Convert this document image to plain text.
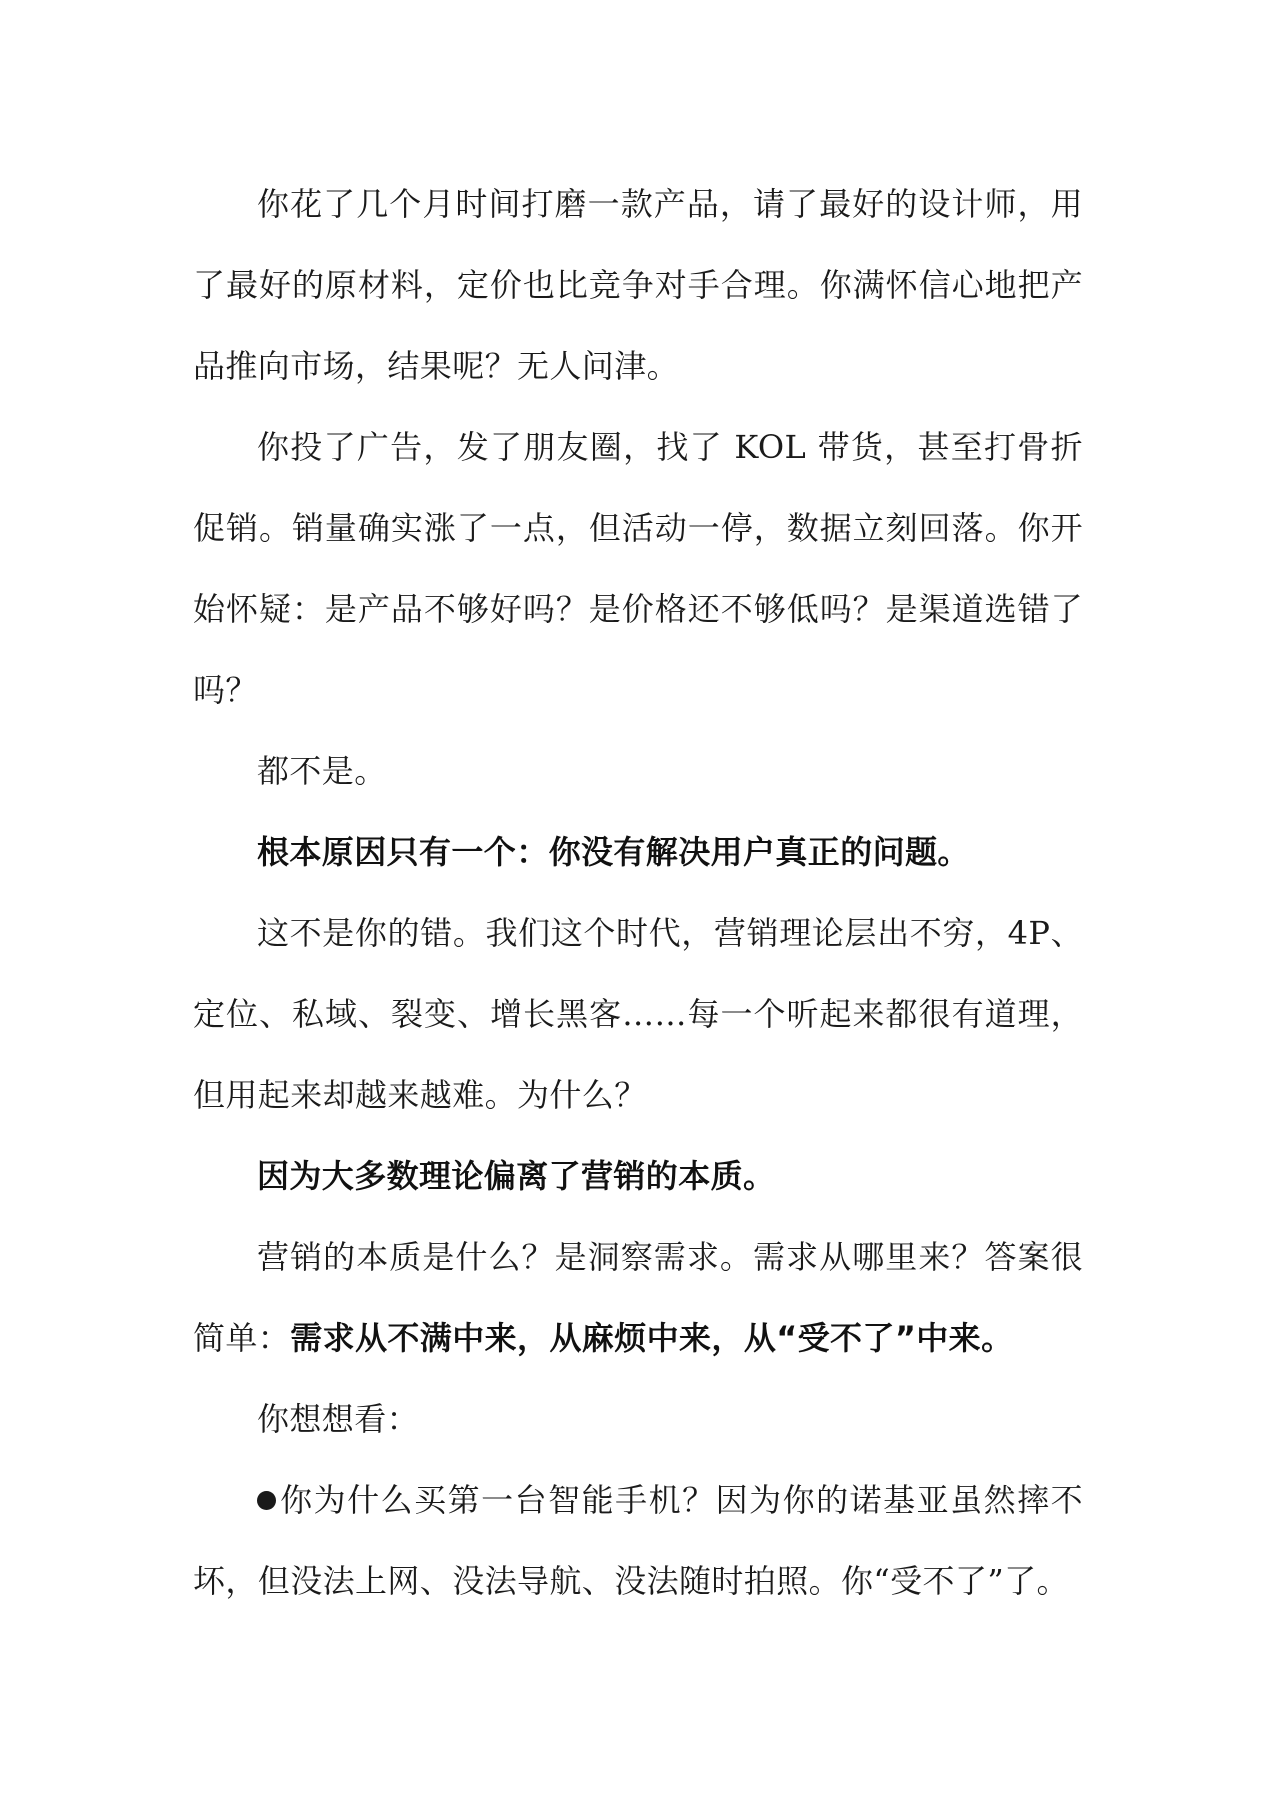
你花了几个月时间打磨一款产品，请了最好的设计师，用了最好的原材料，定价也比竞争对手合理。你满怀信心地把产品推向市场，结果呢？无人问津。

你投了广告，发了朋友圈，找了 KOL 带货，甚至打骨折促销。销量确实涨了一点，但活动一停，数据立刻回落。你开始怀疑：是产品不够好吗？是价格还不够低吗？是渠道选错了吗？

都不是。

根本原因只有一个：你没有解决用户真正的问题。

这不是你的错。我们这个时代，营销理论层出不穷，4P、定位、私域、裂变、增长黑客……每一个听起来都很有道理，但用起来却越来越难。为什么？

因为大多数理论偏离了营销的本质。

营销的本质是什么？是洞察需求。需求从哪里来？答案很简单：需求从不满中来，从麻烦中来，从“受不了”中来。

你想想看：

你为什么买第一台智能手机？因为你的诺基亚虽然摔不坏，但没法上网、没法导航、没法随时拍照。你“受不了”了。
